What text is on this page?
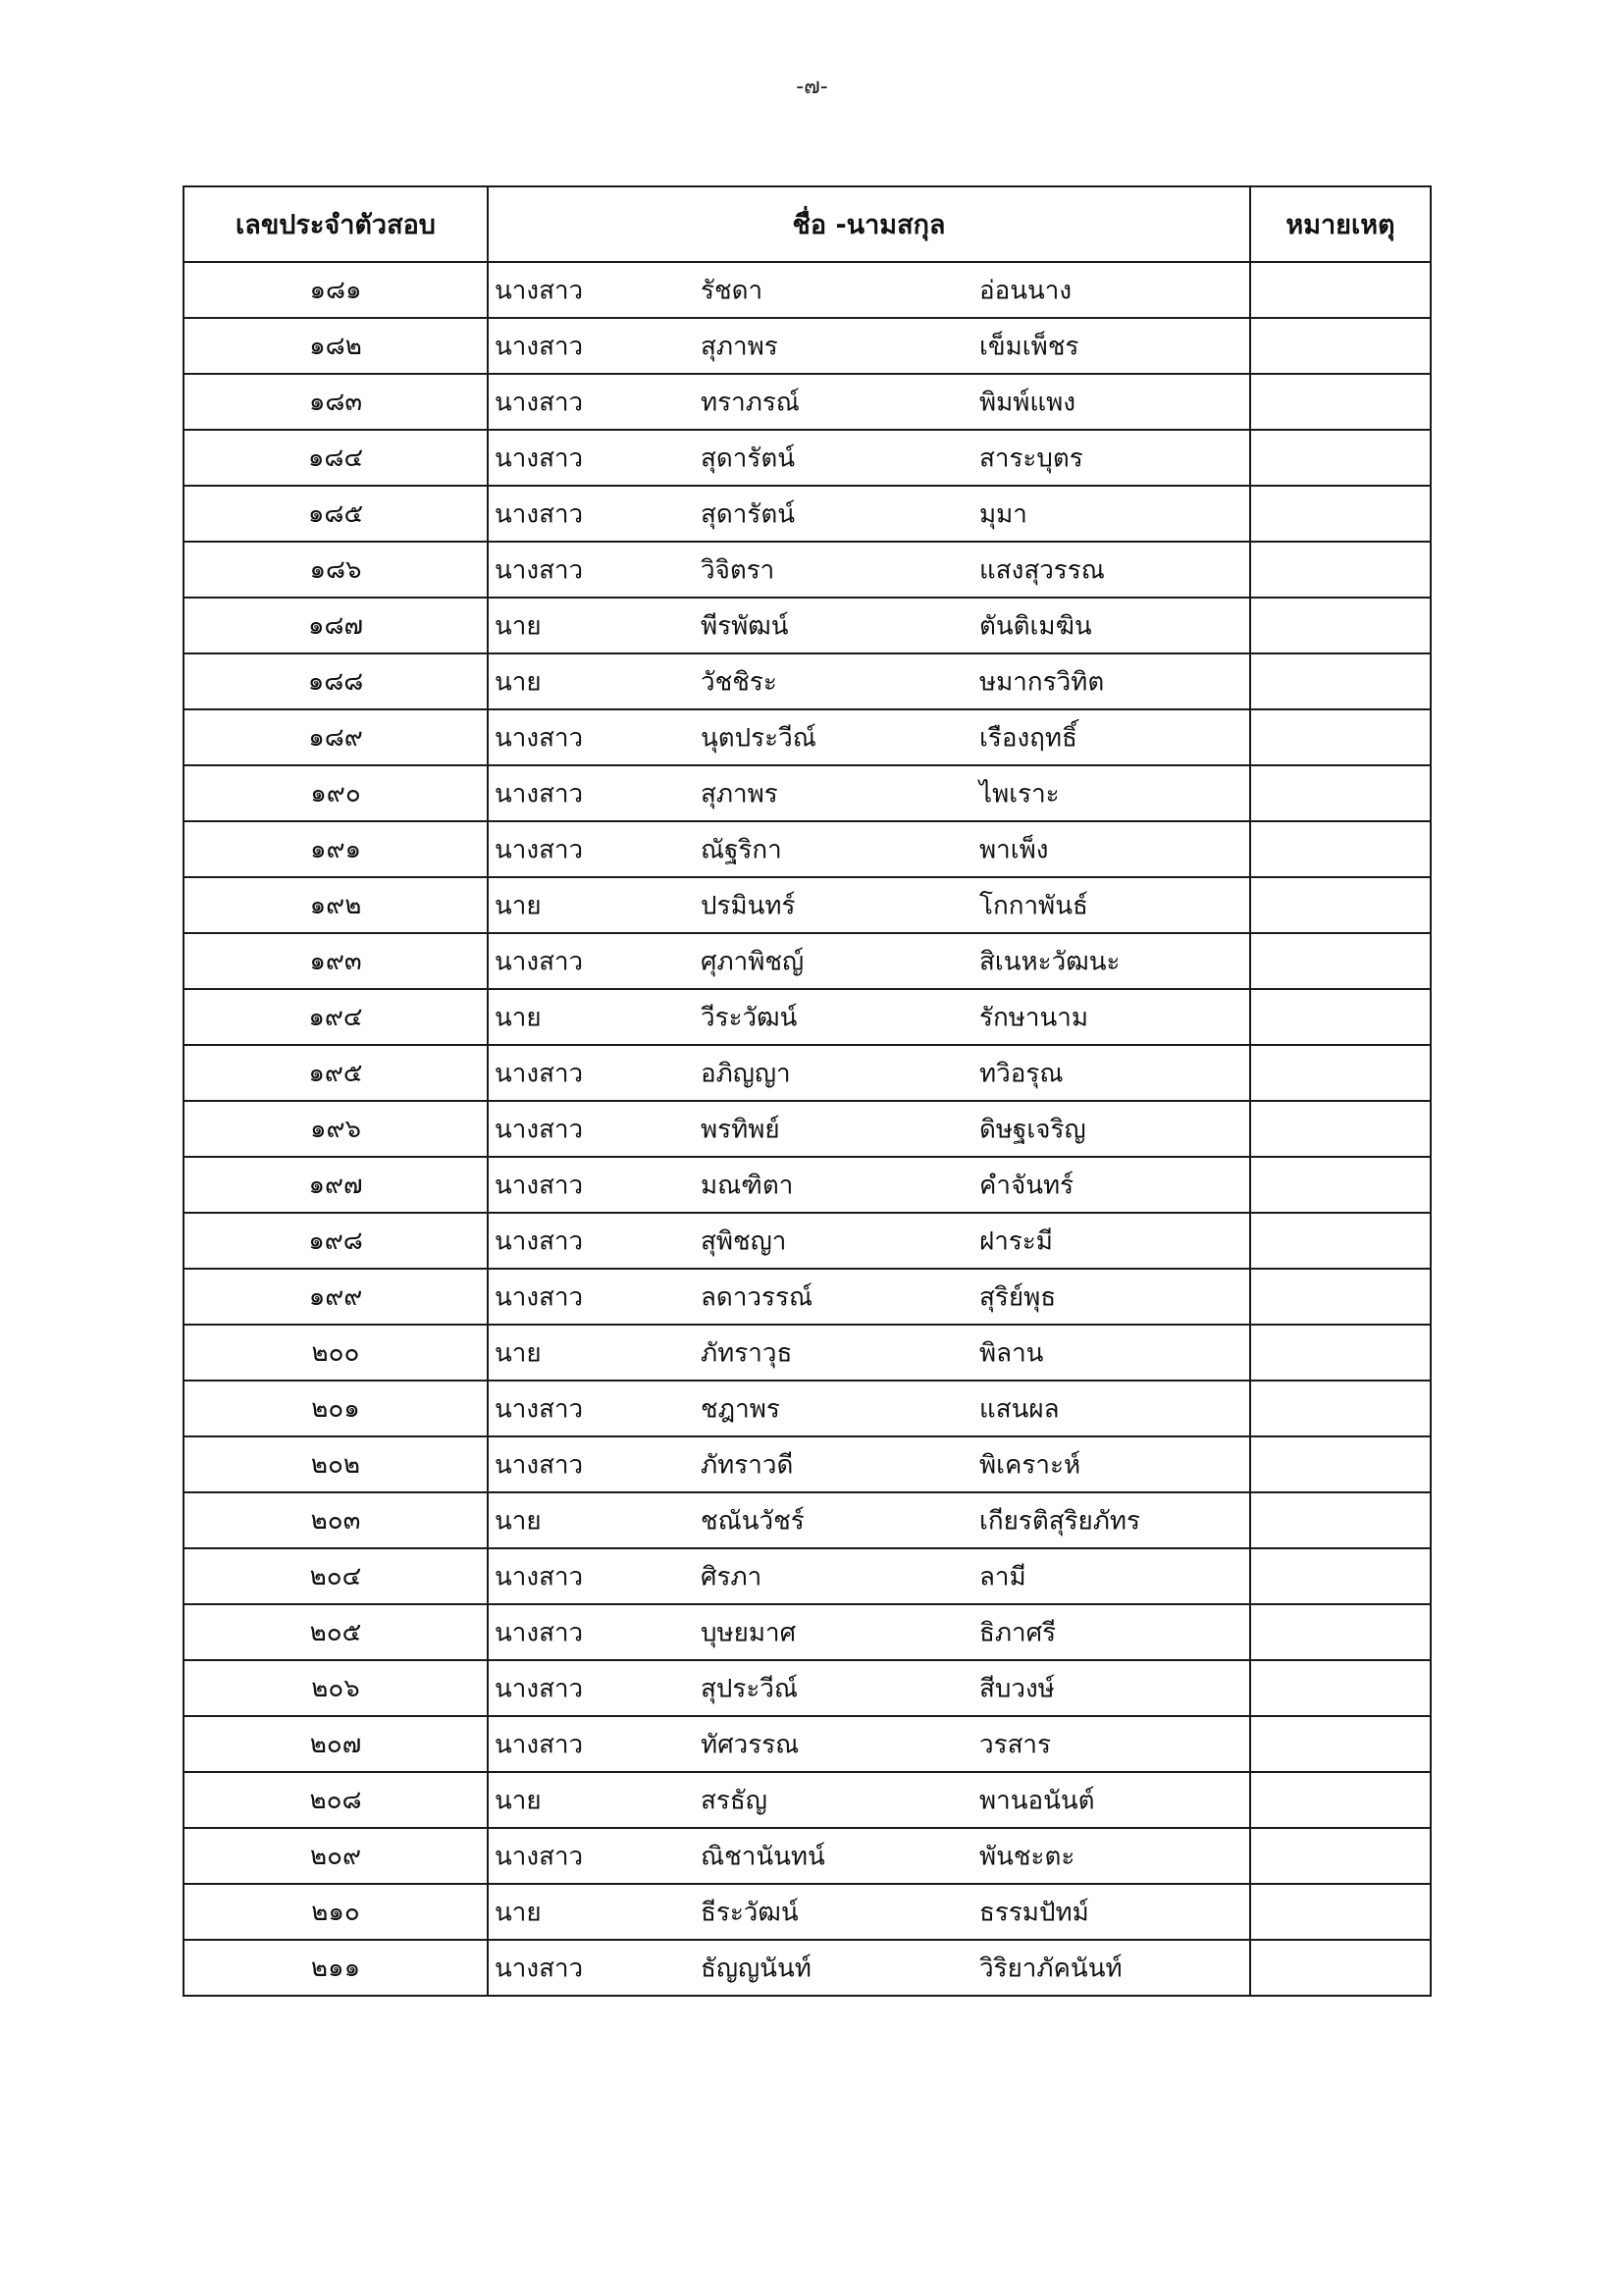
-๗-
เลขประจำตัวสอบ	ชื่อ -นามสกุล	หมายเหตุ
๑๘๑	นางสาว รัชดา อ่อนนาง	

๑๘๒	นางสาว สุภาพร เข็มเพ็ชร	

๑๘๓	นางสาว ทราภรณ์ พิมพ์แพง	

๑๘๔	นางสาว สุดารัตน์ สาระบุตร	

๑๘๕	นางสาว สุดารัตน์ มุมา	

๑๘๖	นางสาว วิจิตรา แสงสุวรรณ	

๑๘๗	นาย พีรพัฒน์ ตันติเมฆิน	

๑๘๘	นาย วัชชิระ ษมากรวิทิต	

๑๘๙	นางสาว นุตประวีณ์ เรืองฤทธิ์	

๑๙๐	นางสาว สุภาพร ไพเราะ	

๑๙๑	นางสาว ณัฐริกา พาเพ็ง	

๑๙๒	นาย ปรมินทร์ โกกาพันธ์	

๑๙๓	นางสาว ศุภาพิชญ์ สิเนหะวัฒนะ	

๑๙๔	นาย วีระวัฒน์ รักษานาม	

๑๙๕	นางสาว อภิญญา ทวิอรุณ	

๑๙๖	นางสาว พรทิพย์ ดิษฐเจริญ	

๑๙๗	นางสาว มณฑิตา คำจันทร์	

๑๙๘	นางสาว สุพิชญา ฝาระมี	

๑๙๙	นางสาว ลดาวรรณ์ สุริย์พุธ	

๒๐๐	นาย ภัทราวุธ พิลาน	

๒๐๑	นางสาว ชฎาพร แสนผล	

๒๐๒	นางสาว ภัทราวดี พิเคราะห์	

๒๐๓	นาย ชณันวัชร์ เกียรติสุริยภัทร	

๒๐๔	นางสาว ศิรภา ลามี	

๒๐๕	นางสาว บุษยมาศ ธิภาศรี	

๒๐๖	นางสาว สุประวีณ์ สีบวงษ์	

๒๐๗	นางสาว ทัศวรรณ วรสาร	

๒๐๘	นาย สรธัญ พานอนันต์	

๒๐๙	นางสาว ณิชานันทน์ พันชะตะ	

๒๑๐	นาย ธีระวัฒน์ ธรรมปัทม์	

๒๑๑	นางสาว ธัญญนันท์ วิริยาภัคนันท์	
